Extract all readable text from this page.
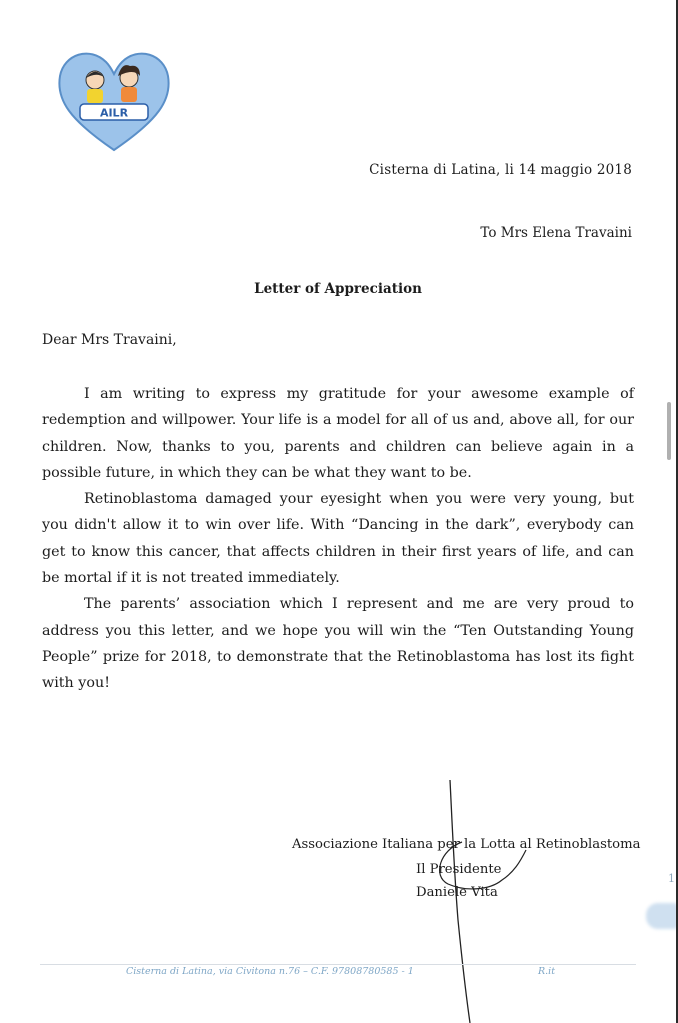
AILR
Cisterna di Latina, li 14 maggio 2018
To Mrs Elena Travaini
Letter of Appreciation
Dear Mrs Travaini,

I am writing to express my gratitude for your awesome example of redemption and willpower. Your life is a model for all of us and, above all, for our children. Now, thanks to you, parents and children can believe again in a possible future, in which they can be what they want to be.

Retinoblastoma damaged your eyesight when you were very young, but you didn't allow it to win over life. With “Dancing in the dark”, everybody can get to know this cancer, that affects children in their first years of life, and can be mortal if it is not treated immediately.

The parents’ association which I represent and me are very proud to address you this letter, and we hope you will win the “Ten Outstanding Young People” prize for 2018, to demonstrate that the Retinoblastoma has lost its fight with you!

Associazione Italiana per la Lotta al Retinoblastoma
Il Presidente
Daniele Vita
Cisterna di Latina, via Civitona n.76 – C.F. 97808780585 - 1	R.it
1
